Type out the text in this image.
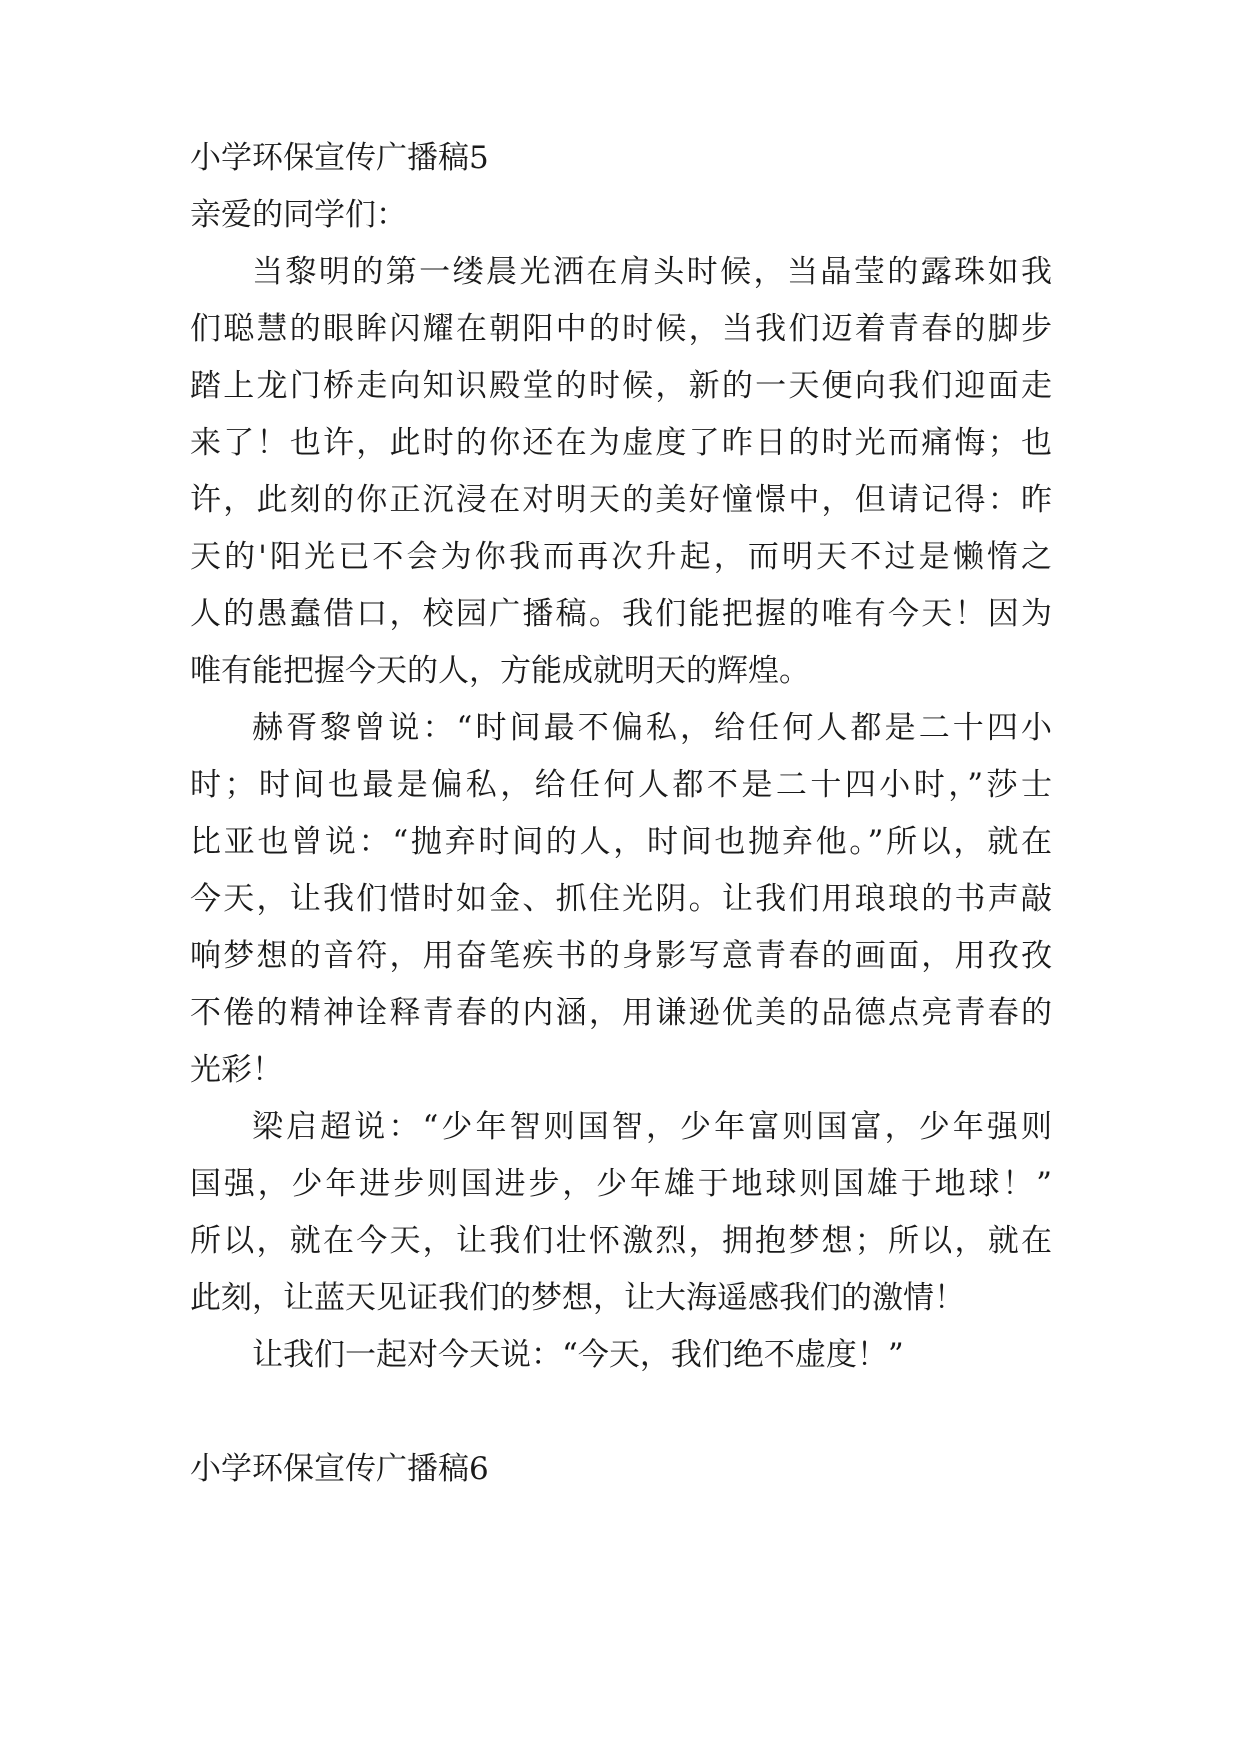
小学环保宣传广播稿5
亲爱的同学们：
当黎明的第一缕晨光洒在肩头时候，当晶莹的露珠如我
们聪慧的眼眸闪耀在朝阳中的时候，当我们迈着青春的脚步
踏上龙门桥走向知识殿堂的时候，新的一天便向我们迎面走
来了！也许，此时的你还在为虚度了昨日的时光而痛悔；也
许，此刻的你正沉浸在对明天的美好憧憬中，但请记得：昨
天的'阳光已不会为你我而再次升起，而明天不过是懒惰之
人的愚蠢借口，校园广播稿。我们能把握的唯有今天！因为
唯有能把握今天的人，方能成就明天的辉煌。
赫胥黎曾说：“时间最不偏私，给任何人都是二十四小
时；时间也最是偏私，给任何人都不是二十四小时，”莎士
比亚也曾说：“抛弃时间的人，时间也抛弃他。”所以，就在
今天，让我们惜时如金、抓住光阴。让我们用琅琅的书声敲
响梦想的音符，用奋笔疾书的身影写意青春的画面，用孜孜
不倦的精神诠释青春的内涵，用谦逊优美的品德点亮青春的
光彩！
梁启超说：“少年智则国智，少年富则国富，少年强则
国强，少年进步则国进步，少年雄于地球则国雄于地球！”
所以，就在今天，让我们壮怀激烈，拥抱梦想；所以，就在
此刻，让蓝天见证我们的梦想，让大海遥感我们的激情！
让我们一起对今天说：“今天，我们绝不虚度！”
小学环保宣传广播稿6
